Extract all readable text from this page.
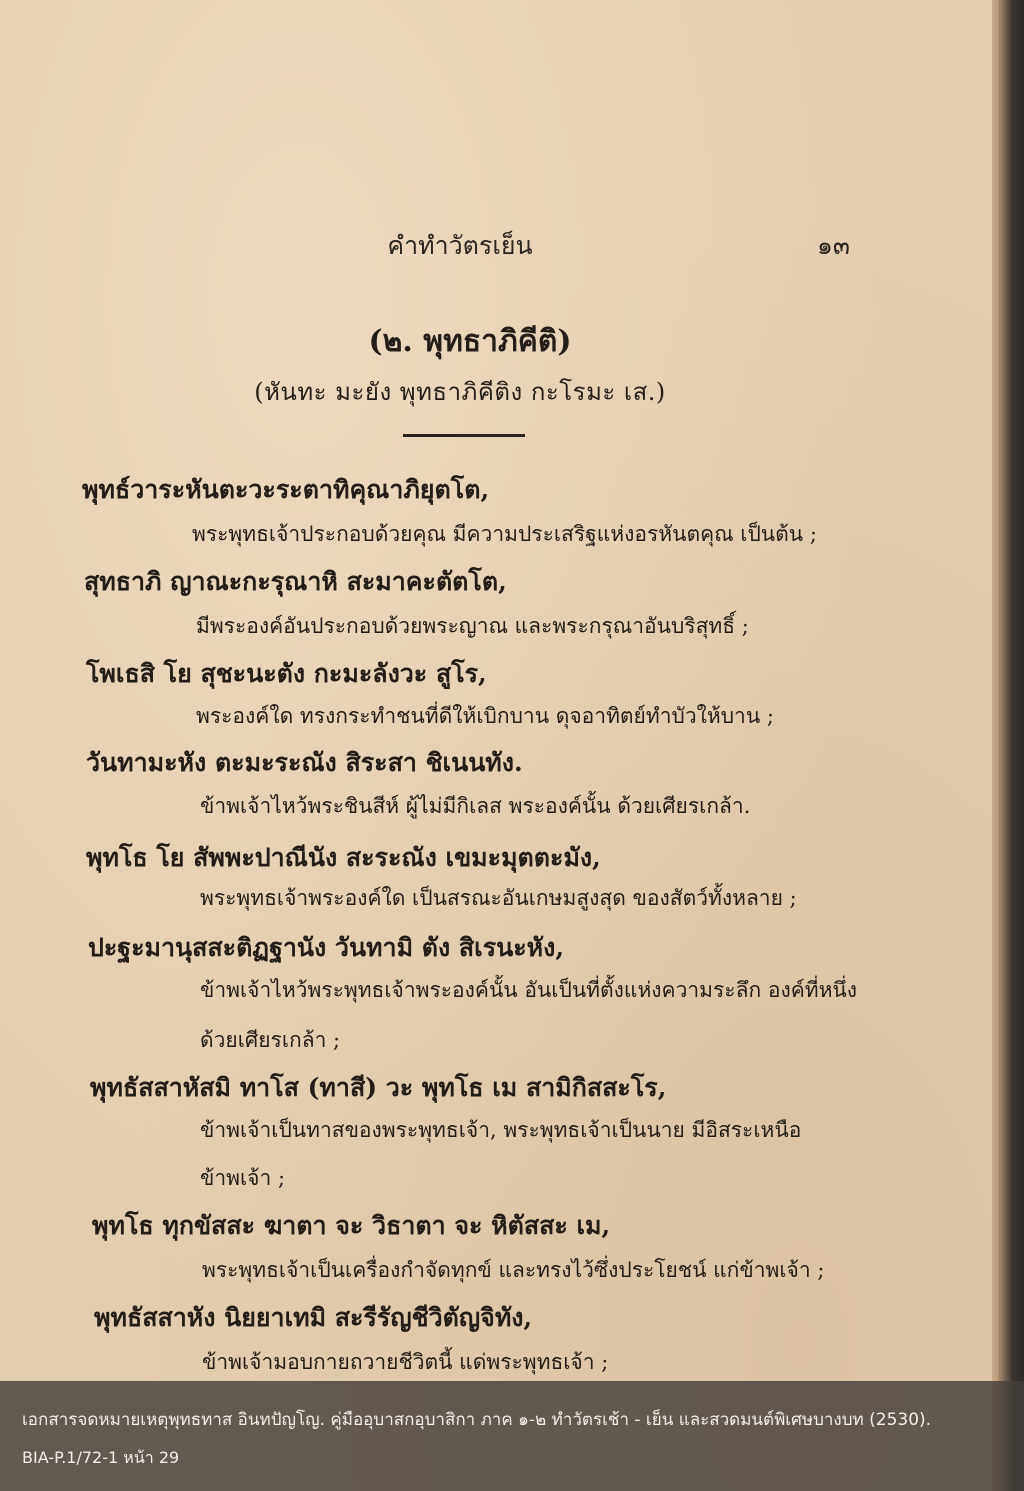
คำทำวัตรเย็น	๑๓
(๒. พุทธาภิคีติ)
(หันทะ มะยัง พุทธาภิคีติง กะโรมะ เส.)
พุทธ์วาระหันตะวะระตาทิคุณาภิยุตโต,
พระพุทธเจ้าประกอบด้วยคุณ มีความประเสริฐแห่งอรหันตคุณ เป็นต้น ;
สุทธาภิ ญาณะกะรุณาหิ สะมาคะตัตโต,
มีพระองค์อันประกอบด้วยพระญาณ และพระกรุณาอันบริสุทธิ์ ;
โพเธสิ โย สุชะนะตัง กะมะลังวะ สูโร,
พระองค์ใด ทรงกระทำชนที่ดีให้เบิกบาน ดุจอาทิตย์ทำบัวให้บาน ;
วันทามะหัง ตะมะระณัง สิระสา ชิเนนทัง.
ข้าพเจ้าไหว้พระชินสีห์ ผู้ไม่มีกิเลส พระองค์นั้น ด้วยเศียรเกล้า.
พุทโธ โย สัพพะปาณีนัง สะระณัง เขมะมุตตะมัง,
พระพุทธเจ้าพระองค์ใด เป็นสรณะอันเกษมสูงสุด ของสัตว์ทั้งหลาย ;
ปะฐะมานุสสะติฏฐานัง วันทามิ ตัง สิเรนะหัง,
ข้าพเจ้าไหว้พระพุทธเจ้าพระองค์นั้น อันเป็นที่ตั้งแห่งความระลึก องค์ที่หนึ่ง
ด้วยเศียรเกล้า ;
พุทธัสสาหัสมิ ทาโส (ทาสี) วะ พุทโธ เม สามิกิสสะโร,
ข้าพเจ้าเป็นทาสของพระพุทธเจ้า, พระพุทธเจ้าเป็นนาย มีอิสระเหนือ
ข้าพเจ้า ;
พุทโธ ทุกขัสสะ ฆาตา จะ วิธาตา จะ หิตัสสะ เม,
พระพุทธเจ้าเป็นเครื่องกำจัดทุกข์ และทรงไว้ซึ่งประโยชน์ แก่ข้าพเจ้า ;
พุทธัสสาหัง นิยยาเทมิ สะรีรัญชีวิตัญจิทัง,
ข้าพเจ้ามอบกายถวายชีวิตนี้ แด่พระพุทธเจ้า ;
เอกสารจดหมายเหตุพุทธทาส อินทปัญโญ. คู่มืออุบาสกอุบาสิกา ภาค ๑-๒ ทำวัตรเช้า - เย็น และสวดมนต์พิเศษบางบท (2530).
BIA-P.1/72-1 หน้า 29
